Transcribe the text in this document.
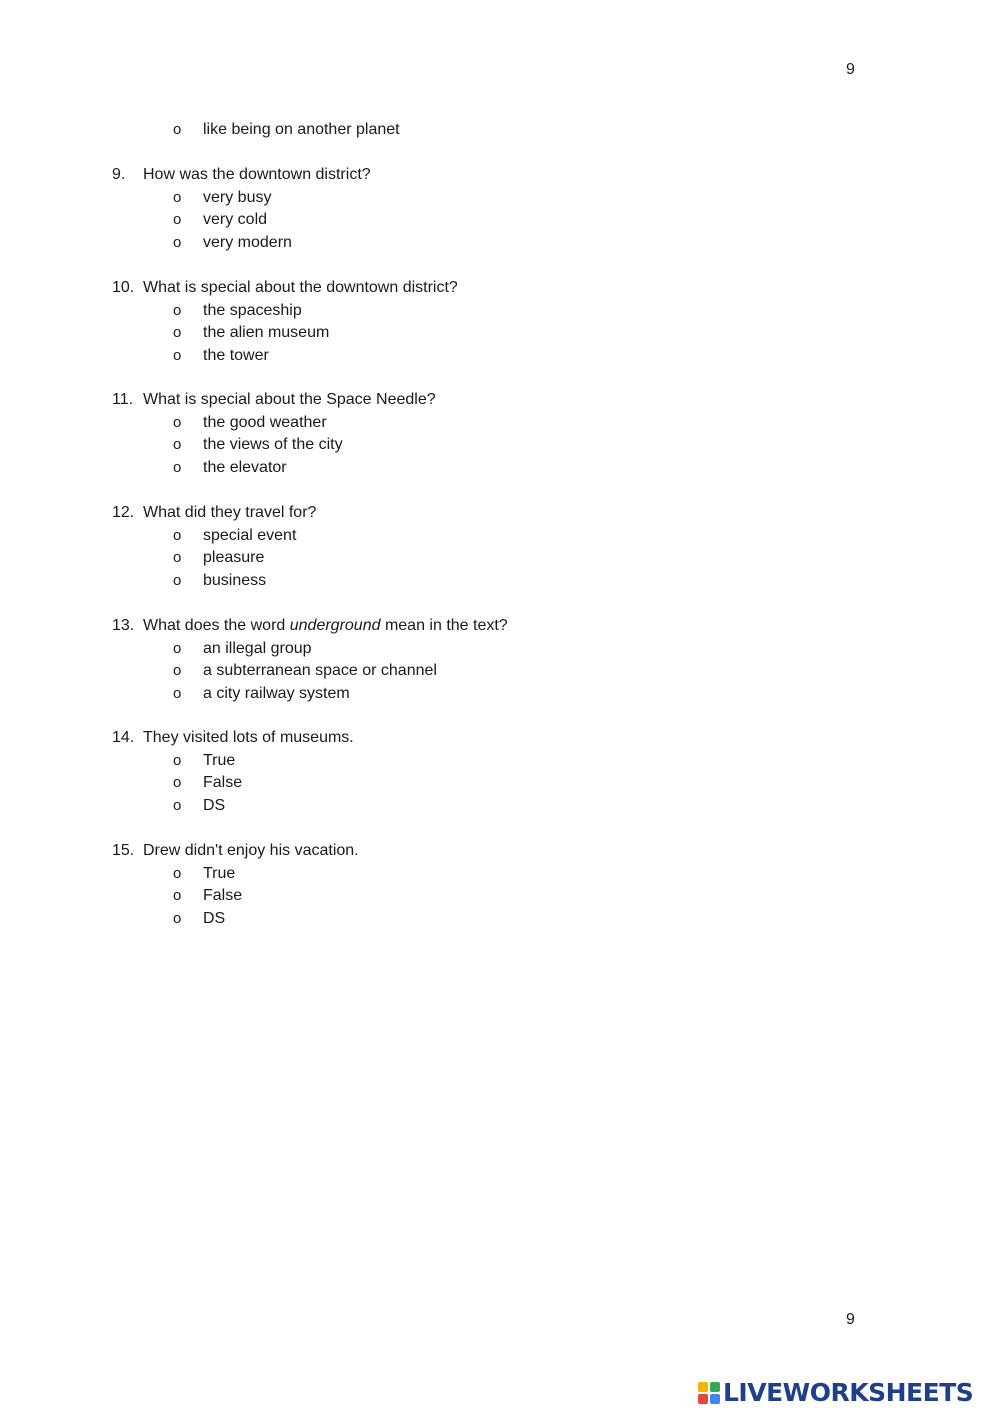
9
o like being on another planet
9. How was the downtown district?
o very busy
o very cold
o very modern
10. What is special about the downtown district?
o the spaceship
o the alien museum
o the tower
11. What is special about the Space Needle?
o the good weather
o the views of the city
o the elevator
12. What did they travel for?
o special event
o pleasure
o business
13. What does the word underground mean in the text?
o an illegal group
o a subterranean space or channel
o a city railway system
14. They visited lots of museums.
o True
o False
o DS
15. Drew didn't enjoy his vacation.
o True
o False
o DS
9
LIVEWORKSHEETS
